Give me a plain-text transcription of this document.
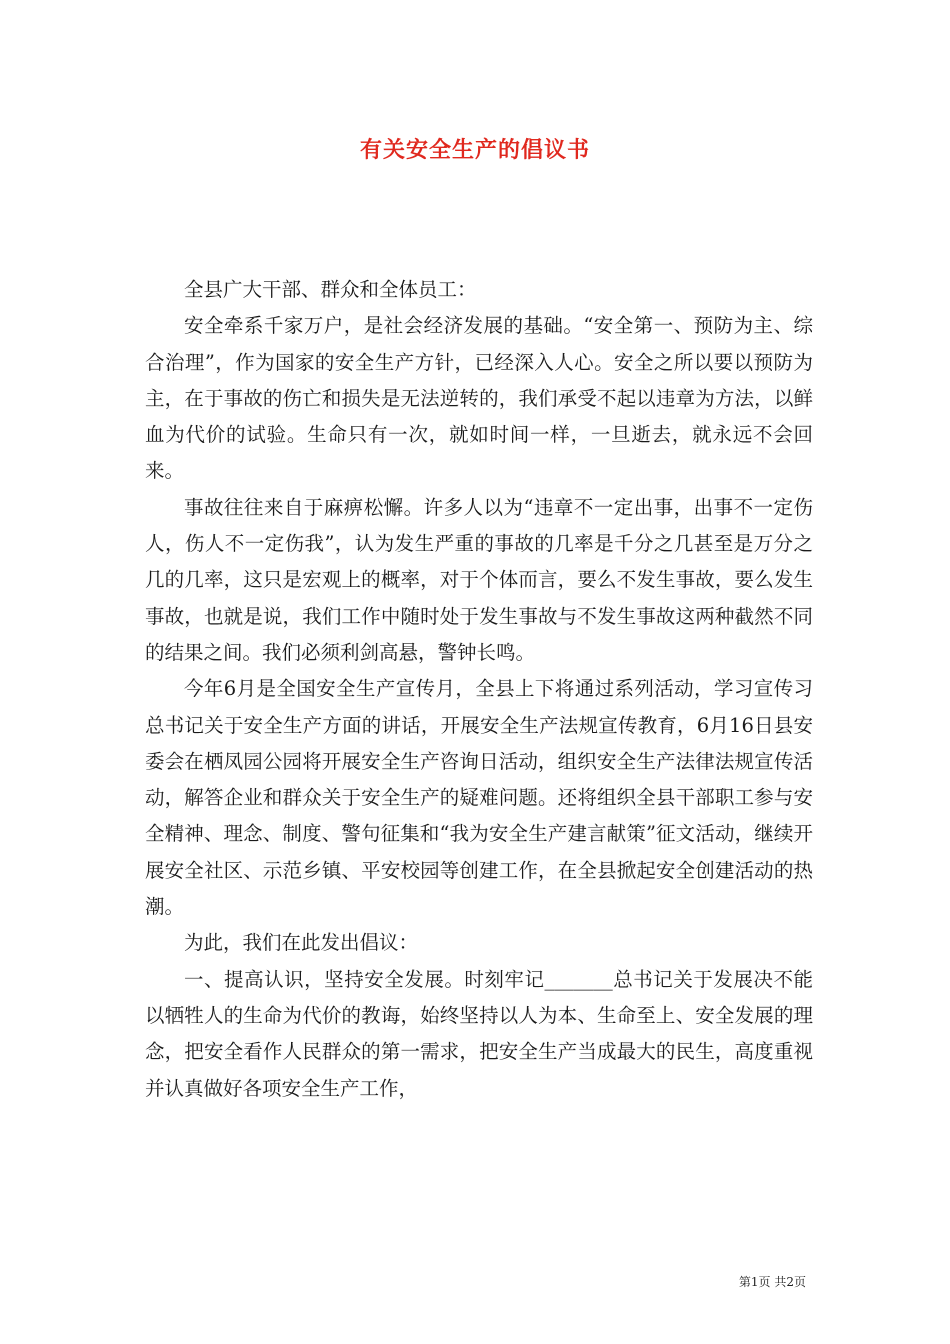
有关安全生产的倡议书

全县广大干部、群众和全体员工：

安全牵系千家万户，是社会经济发展的基础。“安全第一、预防为主、综合治理”，作为国家的安全生产方针，已经深入人心。安全之所以要以预防为主，在于事故的伤亡和损失是无法逆转的，我们承受不起以违章为方法，以鲜血为代价的试验。生命只有一次，就如时间一样，一旦逝去，就永远不会回来。

事故往往来自于麻痹松懈。许多人以为“违章不一定出事，出事不一定伤人，伤人不一定伤我”，认为发生严重的事故的几率是千分之几甚至是万分之几的几率，这只是宏观上的概率，对于个体而言，要么不发生事故，要么发生事故，也就是说，我们工作中随时处于发生事故与不发生事故这两种截然不同的结果之间。我们必须利剑高悬，警钟长鸣。

今年6月是全国安全生产宣传月，全县上下将通过系列活动，学习宣传习总书记关于安全生产方面的讲话，开展安全生产法规宣传教育，6月16日县安委会在栖凤园公园将开展安全生产咨询日活动，组织安全生产法律法规宣传活动，解答企业和群众关于安全生产的疑难问题。还将组织全县干部职工参与安全精神、理念、制度、警句征集和“我为安全生产建言献策”征文活动，继续开展安全社区、示范乡镇、平安校园等创建工作，在全县掀起安全创建活动的热潮。

为此，我们在此发出倡议：

一、提高认识，坚持安全发展。时刻牢记_______总书记关于发展决不能以牺牲人的生命为代价的教诲，始终坚持以人为本、生命至上、安全发展的理念，把安全看作人民群众的第一需求，把安全生产当成最大的民生，高度重视并认真做好各项安全生产工作，

第1页 共2页
